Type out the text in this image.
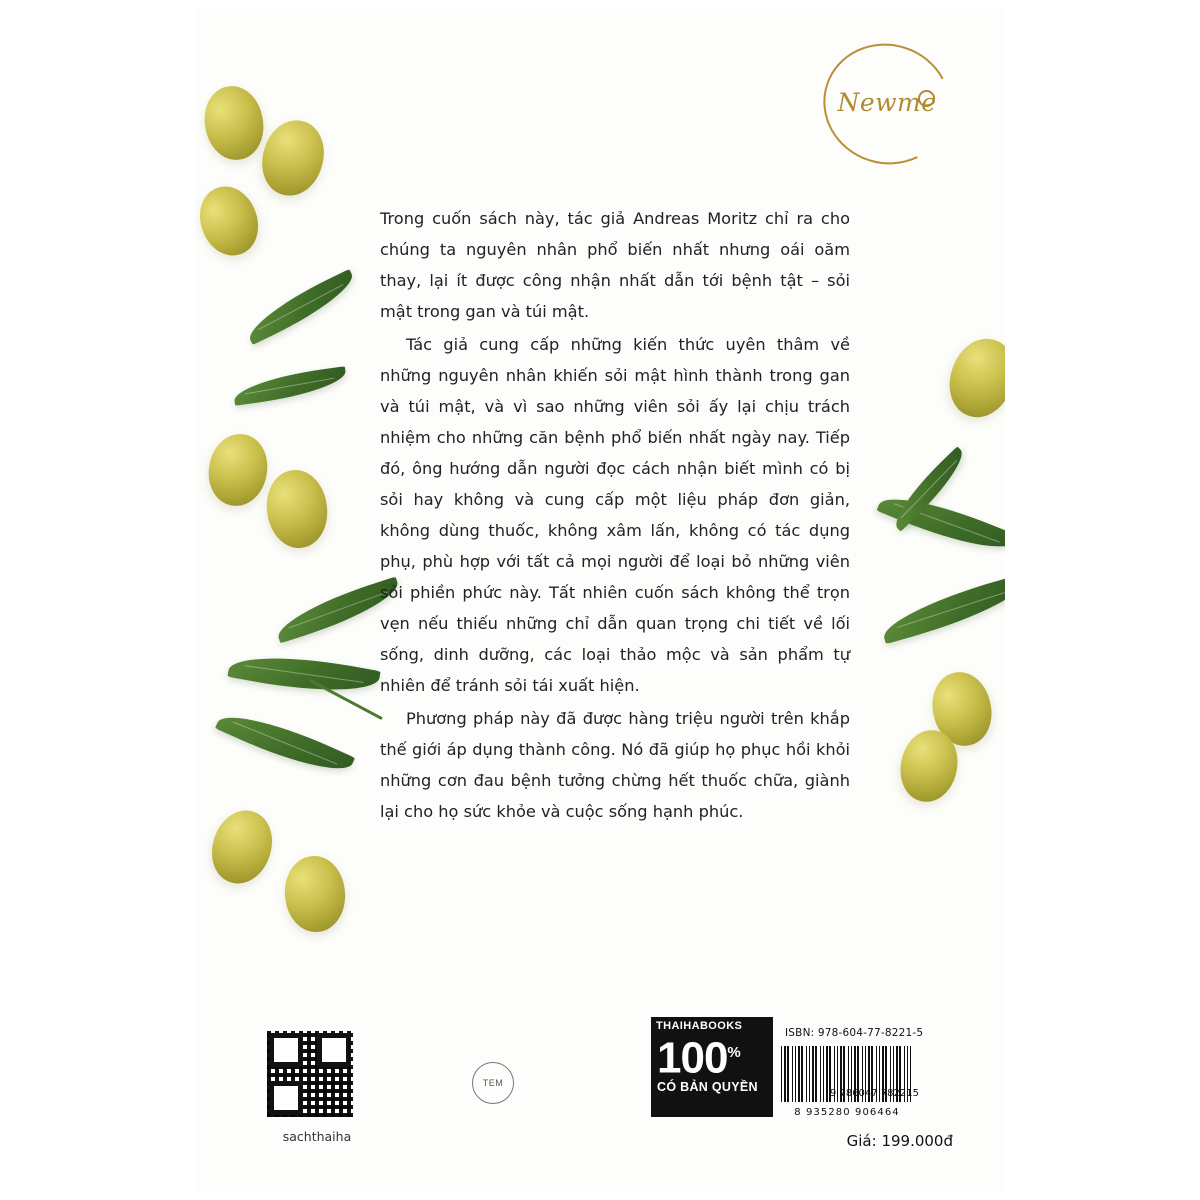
Newme

Trong cuốn sách này, tác giả Andreas Moritz chỉ ra cho chúng ta nguyên nhân phổ biến nhất nhưng oái oăm thay, lại ít được công nhận nhất dẫn tới bệnh tật – sỏi mật trong gan và túi mật.

Tác giả cung cấp những kiến thức uyên thâm về những nguyên nhân khiến sỏi mật hình thành trong gan và túi mật, và vì sao những viên sỏi ấy lại chịu trách nhiệm cho những căn bệnh phổ biến nhất ngày nay. Tiếp đó, ông hướng dẫn người đọc cách nhận biết mình có bị sỏi hay không và cung cấp một liệu pháp đơn giản, không dùng thuốc, không xâm lấn, không có tác dụng phụ, phù hợp với tất cả mọi người để loại bỏ những viên sỏi phiền phức này. Tất nhiên cuốn sách không thể trọn vẹn nếu thiếu những chỉ dẫn quan trọng chi tiết về lối sống, dinh dưỡng, các loại thảo mộc và sản phẩm tự nhiên để tránh sỏi tái xuất hiện.

Phương pháp này đã được hàng triệu người trên khắp thế giới áp dụng thành công. Nó đã giúp họ phục hồi khỏi những cơn đau bệnh tưởng chừng hết thuốc chữa, giành lại cho họ sức khỏe và cuộc sống hạnh phúc.

sachthaiha
TEM
THAIHABOOKS
100%
CÓ BẢN QUYỀN
ISBN: 978-604-77-8221-5
8 935280 906464
9 786047 782215
Giá: 199.000đ
